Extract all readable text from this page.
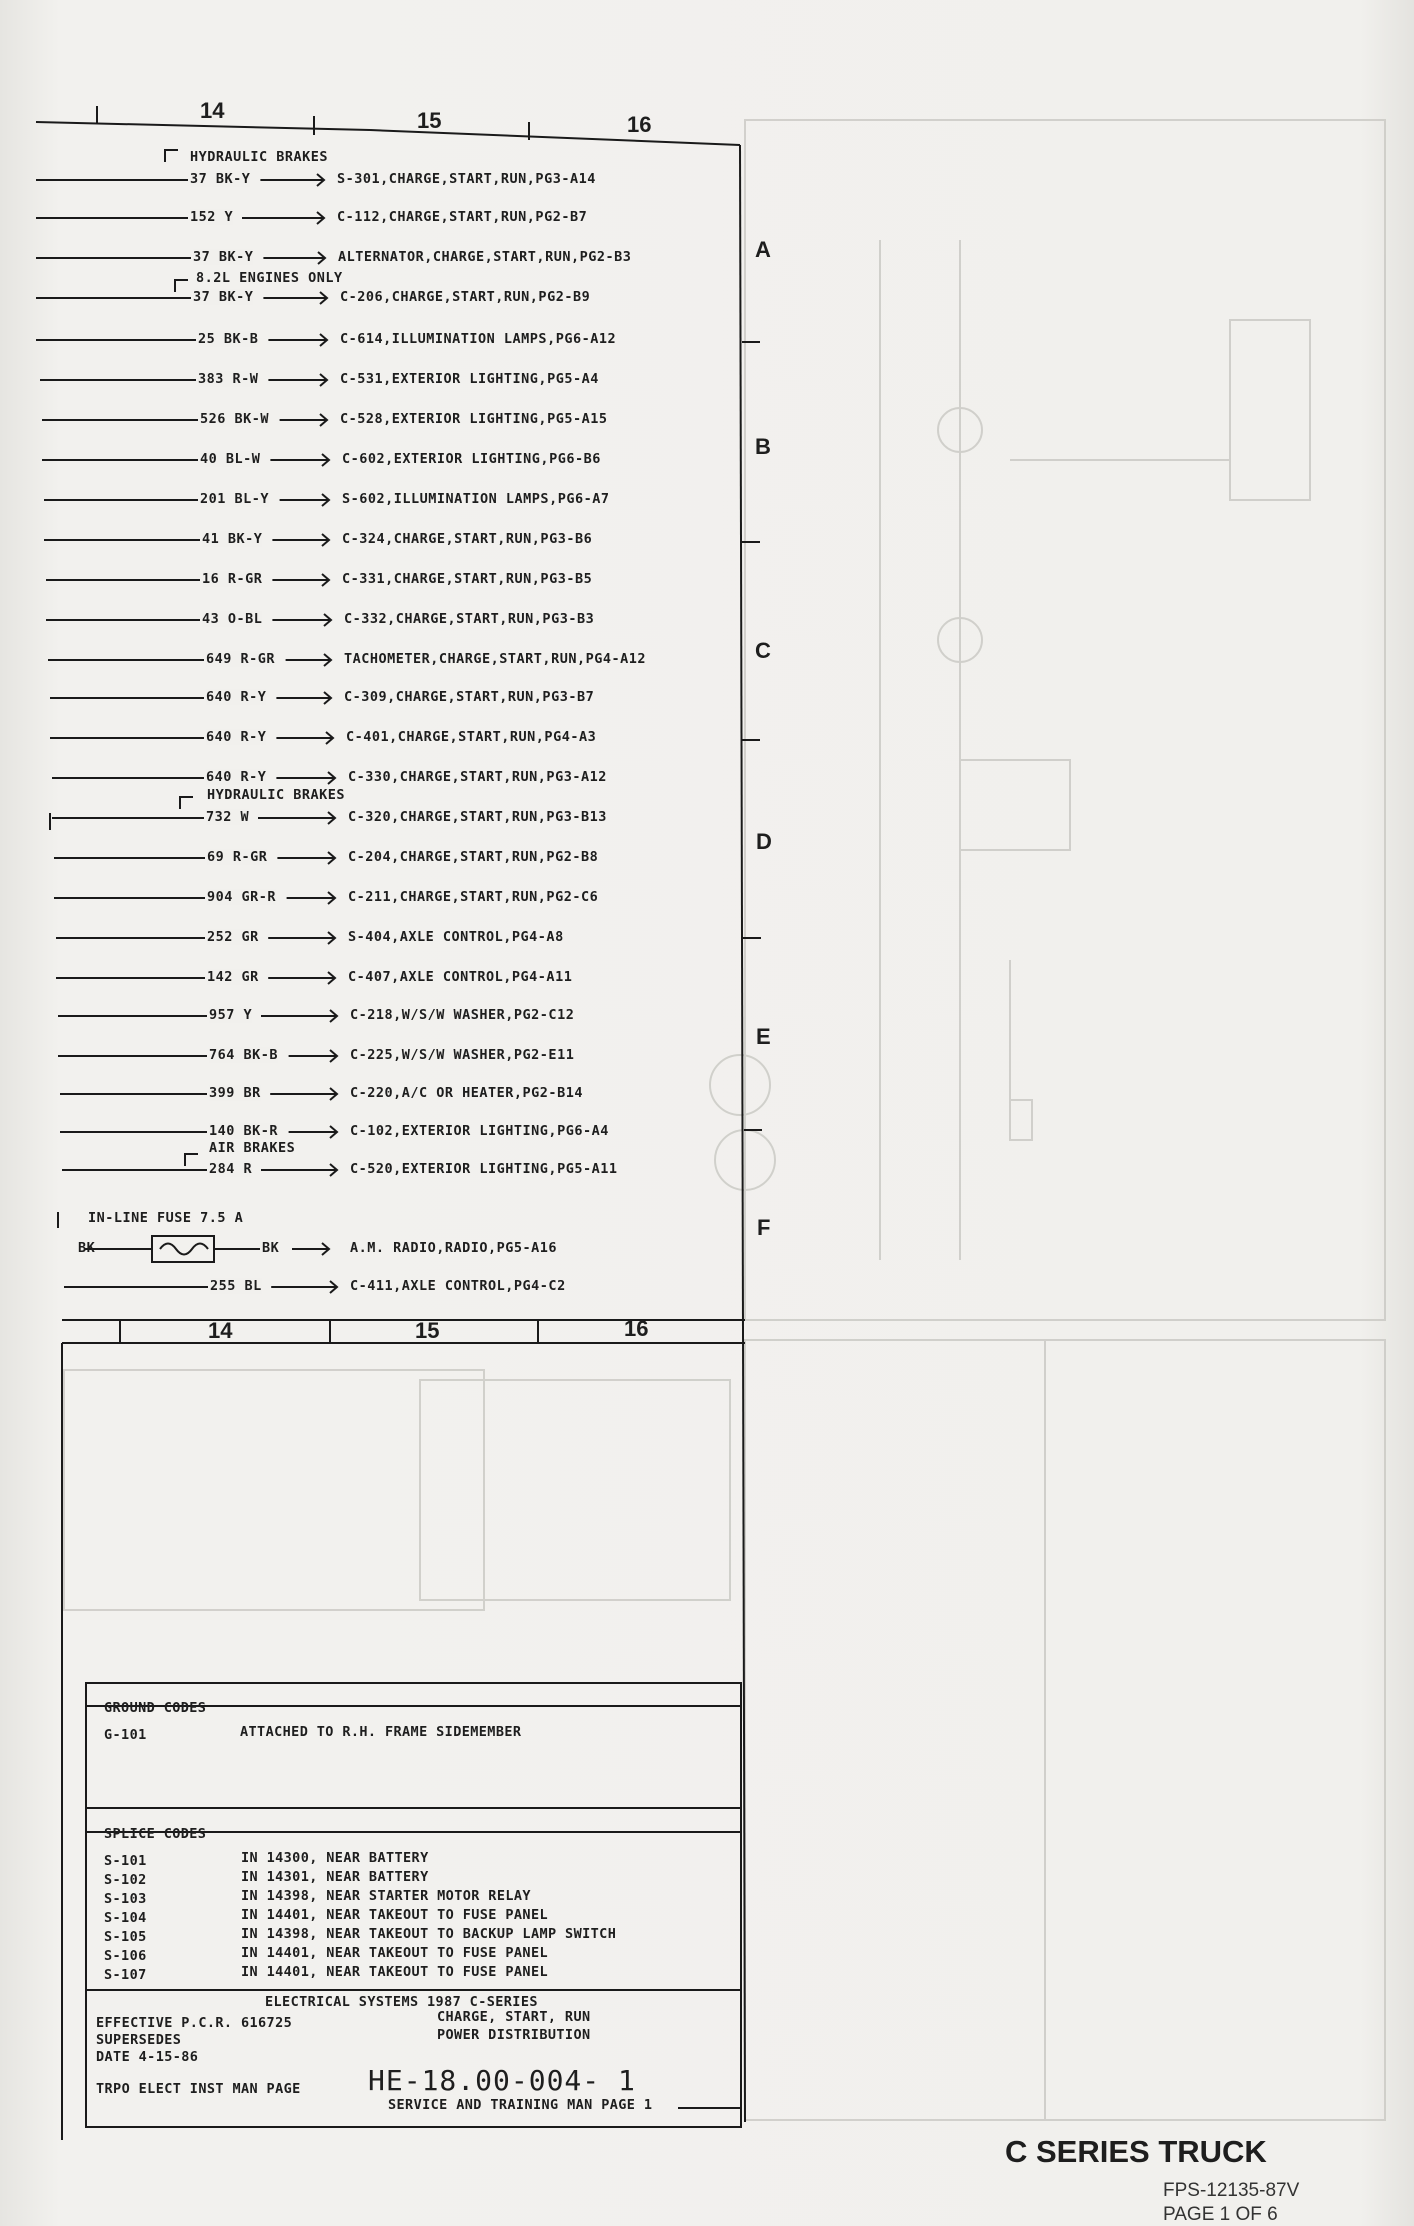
14	15	16
14	15	16
A
B
C
D
E
F
HYDRAULIC BRAKES
8.2L ENGINES ONLY
HYDRAULIC BRAKES
AIR BRAKES
IN-LINE FUSE 7.5 A
BK
37 BK-Y	S-301,CHARGE,START,RUN,PG3-A14
152 Y	C-112,CHARGE,START,RUN,PG2-B7
37 BK-Y	ALTERNATOR,CHARGE,START,RUN,PG2-B3
37 BK-Y	C-206,CHARGE,START,RUN,PG2-B9
25 BK-B	C-614,ILLUMINATION LAMPS,PG6-A12
383 R-W	C-531,EXTERIOR LIGHTING,PG5-A4
526 BK-W	C-528,EXTERIOR LIGHTING,PG5-A15
40 BL-W	C-602,EXTERIOR LIGHTING,PG6-B6
201 BL-Y	S-602,ILLUMINATION LAMPS,PG6-A7
41 BK-Y	C-324,CHARGE,START,RUN,PG3-B6
16 R-GR	C-331,CHARGE,START,RUN,PG3-B5
43 O-BL	C-332,CHARGE,START,RUN,PG3-B3
649 R-GR	TACHOMETER,CHARGE,START,RUN,PG4-A12
640 R-Y	C-309,CHARGE,START,RUN,PG3-B7
640 R-Y	C-401,CHARGE,START,RUN,PG4-A3
640 R-Y	C-330,CHARGE,START,RUN,PG3-A12
732 W	C-320,CHARGE,START,RUN,PG3-B13
69 R-GR	C-204,CHARGE,START,RUN,PG2-B8
904 GR-R	C-211,CHARGE,START,RUN,PG2-C6
252 GR	S-404,AXLE CONTROL,PG4-A8
142 GR	C-407,AXLE CONTROL,PG4-A11
957 Y	C-218,W/S/W WASHER,PG2-C12
764 BK-B	C-225,W/S/W WASHER,PG2-E11
399 BR	C-220,A/C OR HEATER,PG2-B14
140 BK-R	C-102,EXTERIOR LIGHTING,PG6-A4
284 R	C-520,EXTERIOR LIGHTING,PG5-A11
BK	A.M. RADIO,RADIO,PG5-A16
255 BL	C-411,AXLE CONTROL,PG4-C2
GROUND CODES
G-101	ATTACHED TO R.H. FRAME SIDEMEMBER
SPLICE CODES
S-101	IN 14300, NEAR BATTERY
S-102	IN 14301, NEAR BATTERY
S-103	IN 14398, NEAR STARTER MOTOR RELAY
S-104	IN 14401, NEAR TAKEOUT TO FUSE PANEL
S-105	IN 14398, NEAR TAKEOUT TO BACKUP LAMP SWITCH
S-106	IN 14401, NEAR TAKEOUT TO FUSE PANEL
S-107	IN 14401, NEAR TAKEOUT TO FUSE PANEL
ELECTRICAL SYSTEMS 1987 C-SERIES
EFFECTIVE P.C.R. 616725
SUPERSEDES
DATE 4-15-86
CHARGE, START, RUN
POWER DISTRIBUTION
TRPO ELECT INST MAN PAGE HE-18.00-004- 1
SERVICE AND TRAINING MAN PAGE 1
C SERIES TRUCK
FPS-12135-87V
PAGE 1 OF 6
